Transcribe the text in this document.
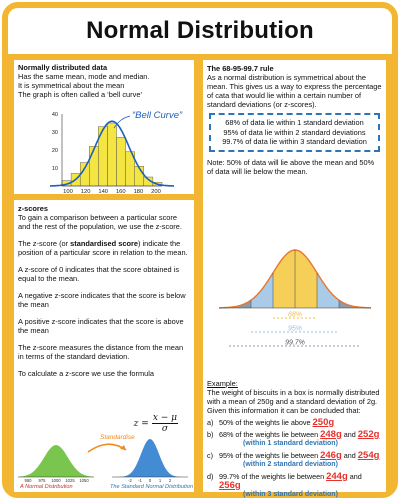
Normal Distribution
Normally distributed data
Has the same mean, mode and median.
It is symmetrical about the mean
The graph is often called a ‘bell curve’
40
30
20
10
100 120 140 160 180 200
“Bell Curve”
z-scores
To gain a comparison between a particular score and the rest of the population, we use the z-score.
The z-score (or standardised score) indicate the position of a particular score in relation to the mean.
A z-score of 0 indicates that the score obtained is equal to the mean.
A negative z-score indicates that the score is below the mean
A positive z-score indicates that the score is above the mean
The z-score measures the distance from the mean in terms of the standard deviation.
To calculate a z-score we use the formula
$z = \frac{x - \mu}{\sigma}$
Standardise
950 975 1000 1025 1050	-2 -1 0 1 2
A Normal Distribution	The Standard Normal Distribution
The 68-95-99.7 rule
As a normal distribution is symmetrical about the mean. This gives us a way to express the percentage of cata that would lie within a certain number of standard deviations (or z-scores).
68% of data lie within 1 standard deviation
95% of data lie within 2 standard deviations
99.7% of data lie within 3 standard deviation
Note: 50% of data will lie above the mean and 50% of data will lie below the mean.
68%
95%
99.7%
Example:
The weight of biscuits in a box is normally distributed with a mean of 250g and a standard deviation of 2g. Given this information it can be concluded that:
a) 50% of the weights lie above 250g
b) 68% of the weights lie between 248g and 252g
(within 1 standard deviation)
c) 95% of the weights lie between 246g and 254g
(within 2 standard deviation)
d) 99.7% of the weights lie between 244g and 256g
(within 3 standard deviation)
